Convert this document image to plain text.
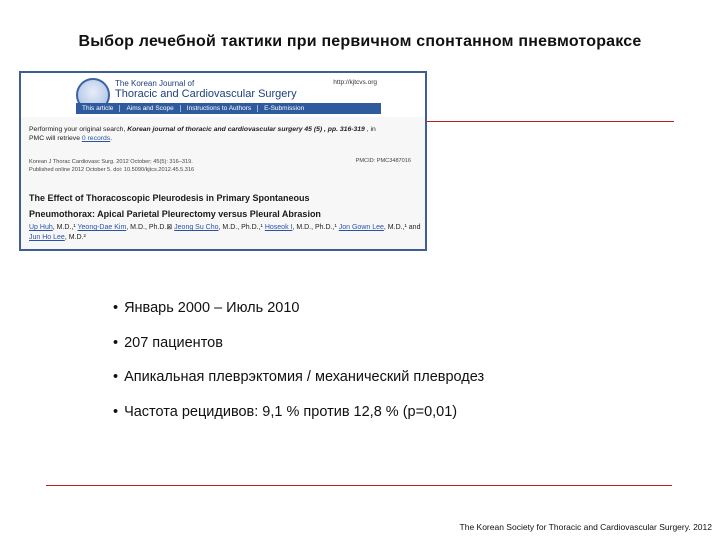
Выбор лечебной тактики при первичном спонтанном пневмотораксе
The Korean Journal of
Thoracic and Cardiovascular Surgery
http://kjtcvs.org
This article	Aims and Scope	Instructions to Authors	E-Submission
Performing your original search, Korean journal of thoracic and cardiovascular surgery 45 (5) , pp. 316-319 , in
PMC will retrieve 0 records.
Korean J Thorac Cardiovasc Surg. 2012 October; 45(5): 316–319.
Published online 2012 October 5. doi: 10.5090/kjtcs.2012.45.5.316
PMCID: PMC3487016
The Effect of Thoracoscopic Pleurodesis in Primary Spontaneous
Pneumothorax: Apical Parietal Pleurectomy versus Pleural Abrasion
Up Huh, M.D.,¹ Yeong-Dae Kim, M.D., Ph.D.⊠ Jeong Su Cho, M.D., Ph.D.,¹ Hoseok I, M.D., Ph.D.,¹ Jon Gown Lee, M.D.,¹ and Jun Ho Lee, M.D.²
• Январь 2000 – Июль 2010
• 207 пациентов
• Апикальная плеврэктомия / механический плевродез
• Частота рецидивов: 9,1 % против 12,8 % (p=0,01)
The Korean Society for Thoracic and Cardiovascular Surgery. 2012
